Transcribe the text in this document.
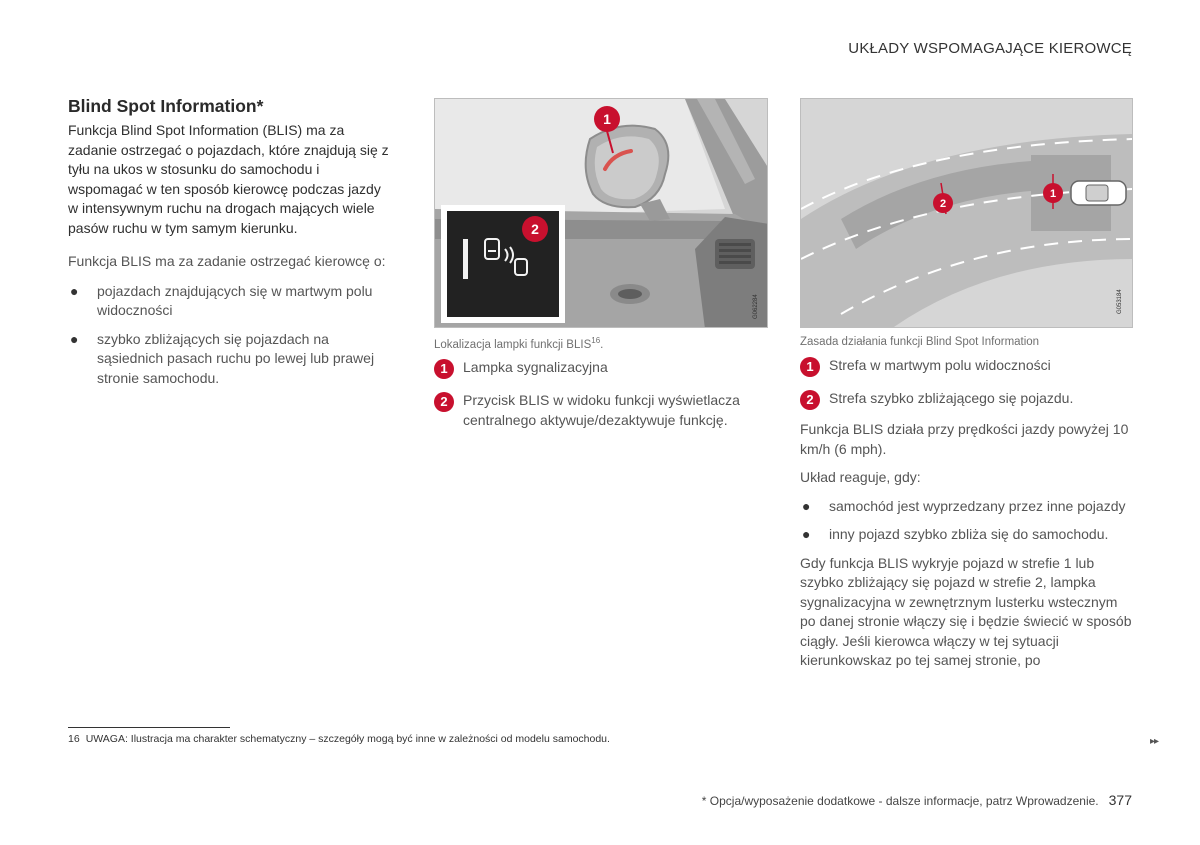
UKŁADY WSPOMAGAJĄCE KIEROWCĘ
Blind Spot Information*

Funkcja Blind Spot Information (BLIS) ma za zadanie ostrzegać o pojazdach, które znajdują się z tyłu na ukos w stosunku do samochodu i wspomagać w ten sposób kierowcę podczas jazdy w intensywnym ruchu na drogach mających wiele pasów ruchu w tym samym kierunku.

Funkcja BLIS ma za zadanie ostrzegać kierowcę o:

● pojazdach znajdujących się w martwym polu widoczności
● szybko zbliżających się pojazdach na sąsiednich pasach ruchu po lewej lub prawej stronie samochodu.
1
2
G062284
Lokalizacja lampki funkcji BLIS$^{16}$.
1	Lampka sygnalizacyjna
2	Przycisk BLIS w widoku funkcji wyświetlacza centralnego aktywuje/dezaktywuje funkcję.
2
1
G053184
Zasada działania funkcji Blind Spot Information
1	Strefa w martwym polu widoczności
2	Strefa szybko zbliżającego się pojazdu.

Funkcja BLIS działa przy prędkości jazdy powyżej 10 km/h (6 mph).

Układ reaguje, gdy:

● samochód jest wyprzedzany przez inne pojazdy
● inny pojazd szybko zbliża się do samochodu.

Gdy funkcja BLIS wykryje pojazd w strefie 1 lub szybko zbliżający się pojazd w strefie 2, lampka sygnalizacyjna w zewnętrznym lusterku wstecznym po danej stronie włączy się i będzie świecić w sposób ciągły. Jeśli kierowca włączy w tej sytuacji kierunkowskaz po tej samej stronie, po

16 UWAGA: Ilustracja ma charakter schematyczny – szczegóły mogą być inne w zależności od modelu samochodu.	▸▸
* Opcja/wyposażenie dodatkowe - dalsze informacje, patrz Wprowadzenie. 377
